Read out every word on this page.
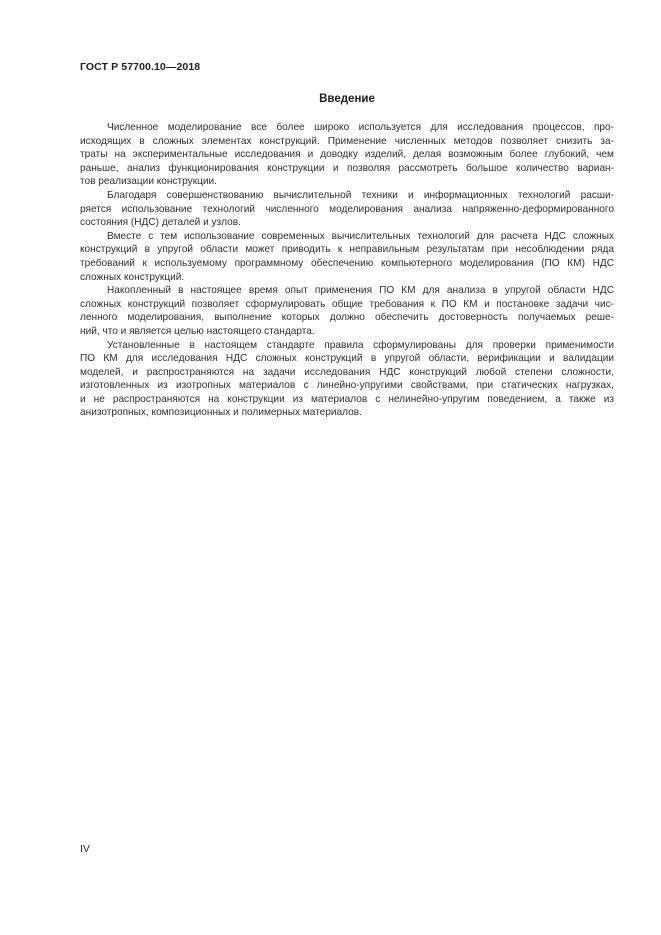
ГОСТ Р 57700.10—2018
Введение

Численное моделирование все более широко используется для исследования процессов, про-
исходящих в сложных элементах конструкций. Применение численных методов позволяет снизить за-
траты на экспериментальные исследования и доводку изделий, делая возможным более глубокий, чем
раньше, анализ функционирования конструкции и позволяя рассмотреть большое количество вариан-
тов реализации конструкции.

Благодаря совершенствованию вычислительной техники и информационных технологий расши-
ряется использование технологий численного моделирования анализа напряженно-деформированного
состояния (НДС) деталей и узлов.

Вместе с тем использование современных вычислительных технологий для расчета НДС сложных
конструкций в упругой области может приводить к неправильным результатам при несоблюдении ряда
требований к используемому программному обеспечению компьютерного моделирования (ПО КМ) НДС
сложных конструкций.

Накопленный в настоящее время опыт применения ПО КМ для анализа в упругой области НДС
сложных конструкций позволяет сформулировать общие требования к ПО КМ и постановке задачи чис-
ленного моделирования, выполнение которых должно обеспечить достоверность получаемых реше-
ний, что и является целью настоящего стандарта.

Установленные в настоящем стандарте правила сформулированы для проверки применимости
ПО КМ для исследования НДС сложных конструкций в упругой области, верификации и валидации
моделей, и распространяются на задачи исследования НДС конструкций любой степени сложности,
изготовленных из изотропных материалов с линейно-упругими свойствами, при статических нагрузках,
и не распространяются на конструкции из материалов с нелинейно-упругим поведением, а также из
анизотропных, композиционных и полимерных материалов.

IV
